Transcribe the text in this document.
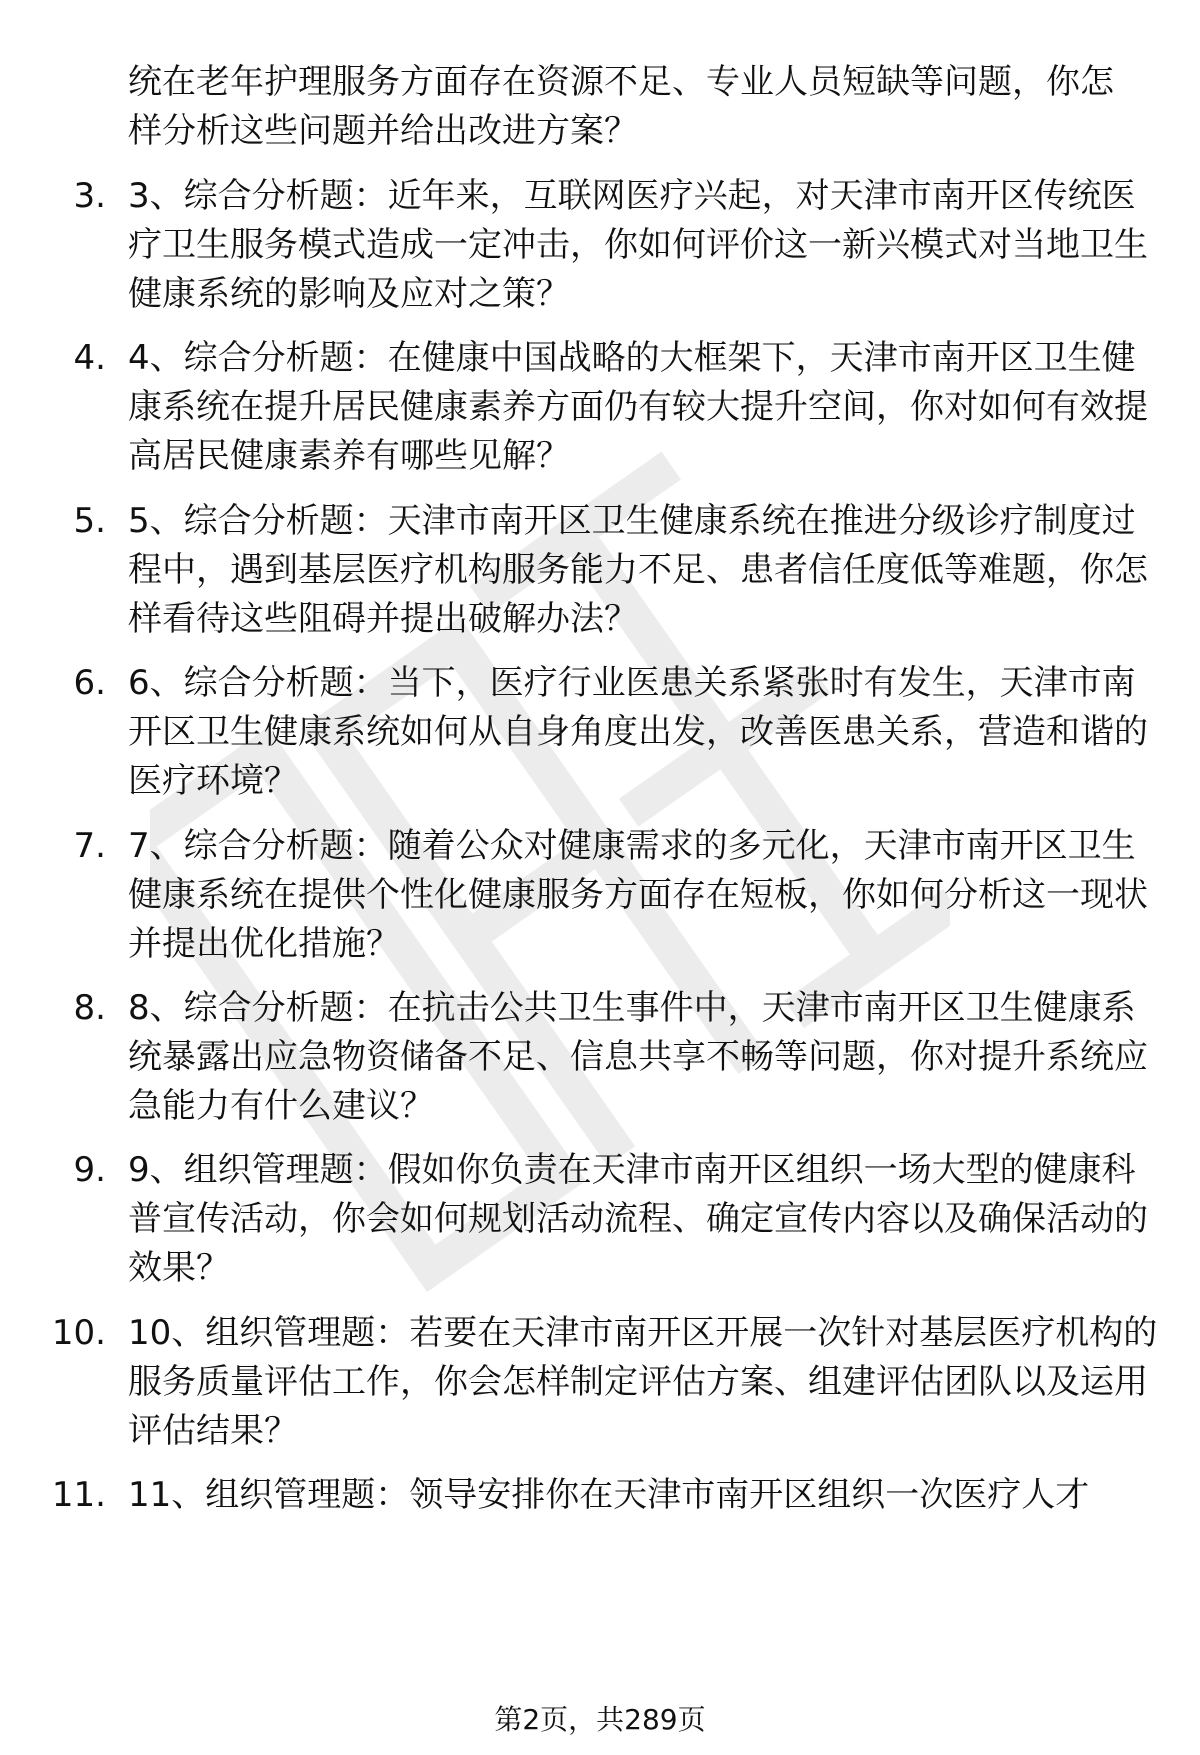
统在老年护理服务方面存在资源不足、专业人员短缺等问题，你怎样分析这些问题并给出改进方案？
3. 3、综合分析题：近年来，互联网医疗兴起，对天津市南开区传统医疗卫生服务模式造成一定冲击，你如何评价这一新兴模式对当地卫生健康系统的影响及应对之策？
4. 4、综合分析题：在健康中国战略的大框架下，天津市南开区卫生健康系统在提升居民健康素养方面仍有较大提升空间，你对如何有效提高居民健康素养有哪些见解？
5. 5、综合分析题：天津市南开区卫生健康系统在推进分级诊疗制度过程中，遇到基层医疗机构服务能力不足、患者信任度低等难题，你怎样看待这些阻碍并提出破解办法？
6. 6、综合分析题：当下，医疗行业医患关系紧张时有发生，天津市南开区卫生健康系统如何从自身角度出发，改善医患关系，营造和谐的医疗环境？
7. 7、综合分析题：随着公众对健康需求的多元化，天津市南开区卫生健康系统在提供个性化健康服务方面存在短板，你如何分析这一现状并提出优化措施？
8. 8、综合分析题：在抗击公共卫生事件中，天津市南开区卫生健康系统暴露出应急物资储备不足、信息共享不畅等问题，你对提升系统应急能力有什么建议？
9. 9、组织管理题：假如你负责在天津市南开区组织一场大型的健康科普宣传活动，你会如何规划活动流程、确定宣传内容以及确保活动的效果？
10. 10、组织管理题：若要在天津市南开区开展一次针对基层医疗机构的服务质量评估工作，你会怎样制定评估方案、组建评估团队以及运用评估结果？
11. 11、组织管理题：领导安排你在天津市南开区组织一次医疗人才
第2页，共289页
